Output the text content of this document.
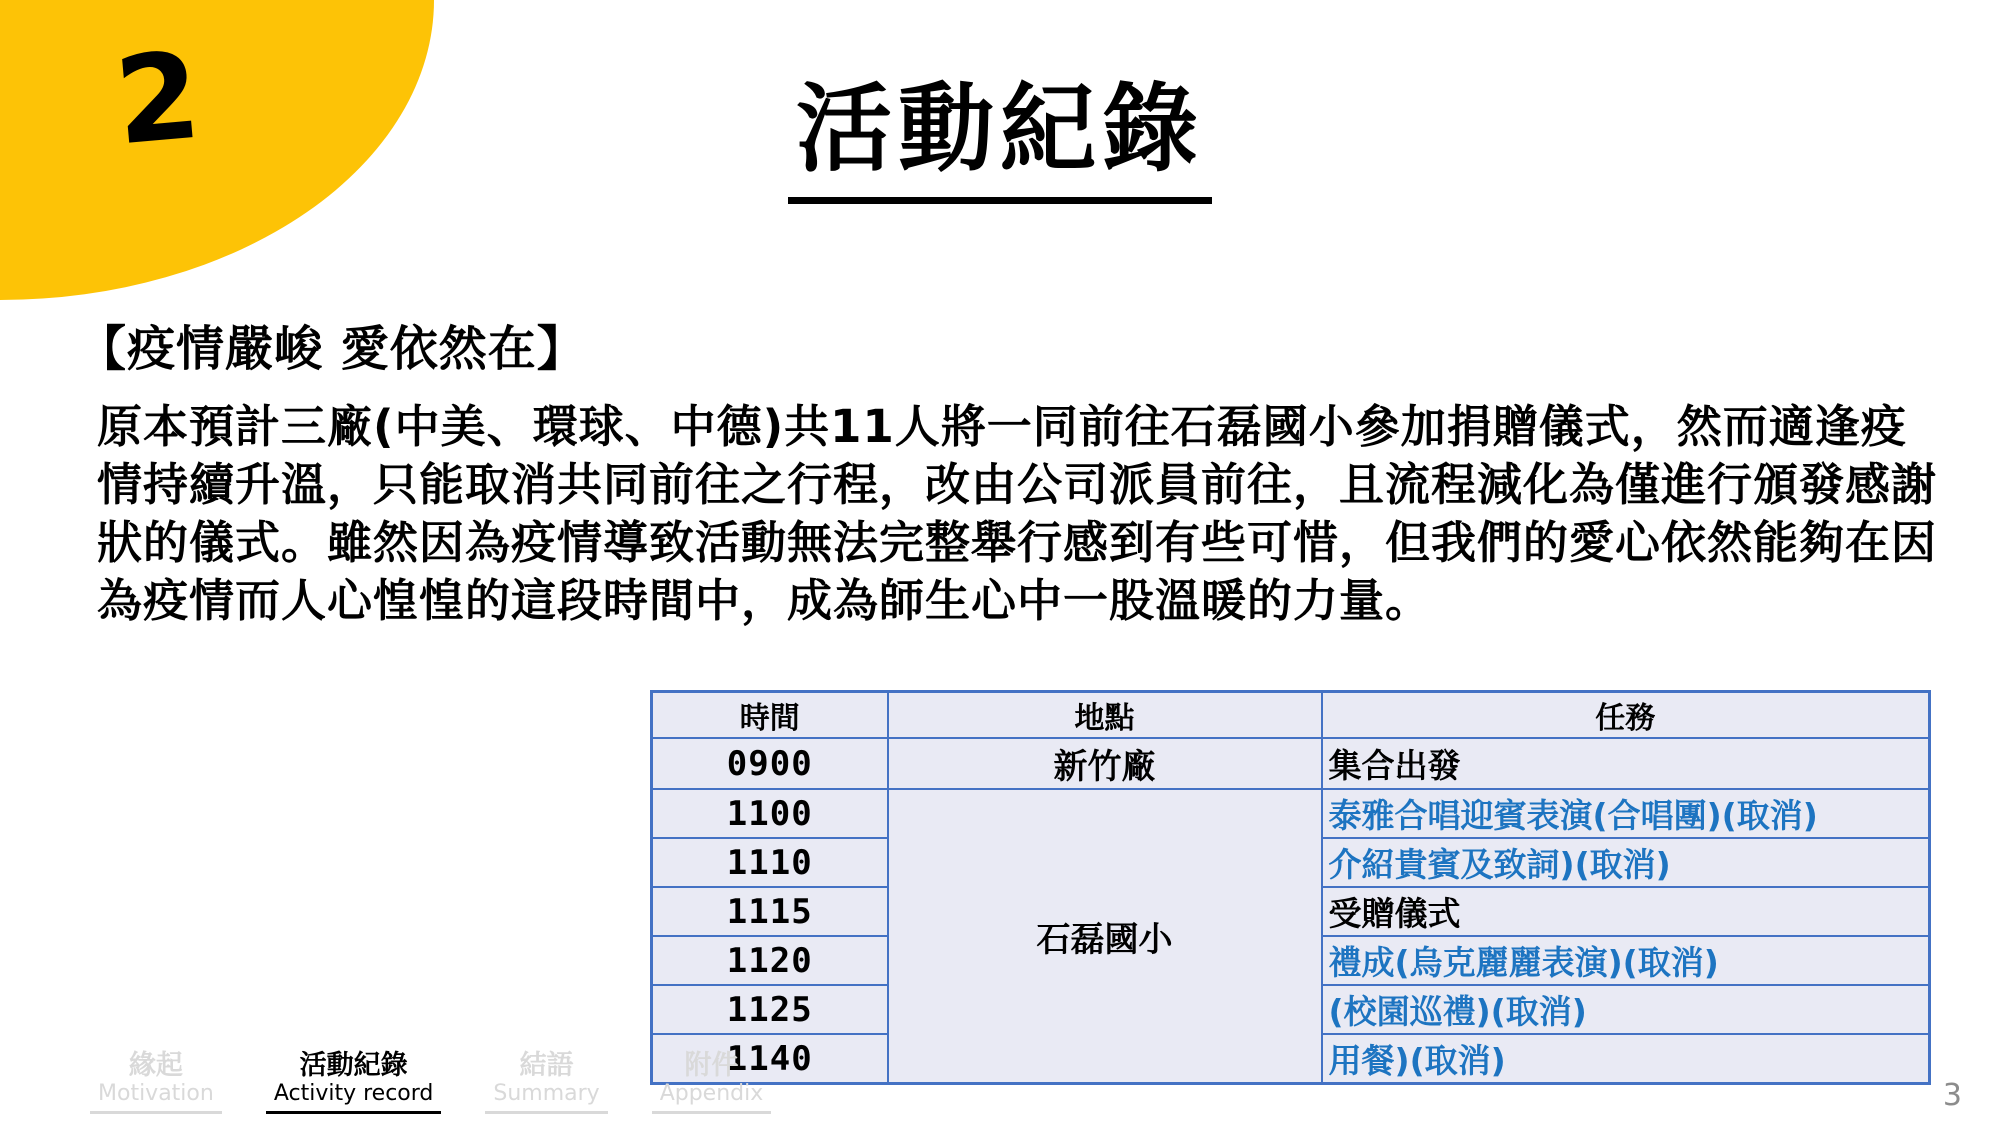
2	活動紀錄
【疫情嚴峻 愛依然在】
原本預計三廠(中美、環球、中德)共11人將一同前往石磊國小參加捐贈儀式，然而適逢疫情持續升溫，只能取消共同前往之行程，改由公司派員前往，且流程減化為僅進行頒發感謝狀的儀式。雖然因為疫情導致活動無法完整舉行感到有些可惜，但我們的愛心依然能夠在因為疫情而人心惶惶的這段時間中，成為師生心中一股溫暖的力量。
時間	地點	任務
0900	新竹廠	集合出發
1100	石磊國小	泰雅合唱迎賓表演(合唱團)(取消)
1110		介紹貴賓及致詞)(取消)
1115		受贈儀式
1120		禮成(烏克麗麗表演)(取消)
1125		(校園巡禮)(取消)
1140		用餐)(取消)
緣起
Motivation
活動紀錄
Activity record
結語
Summary
附件
Appendix	3
